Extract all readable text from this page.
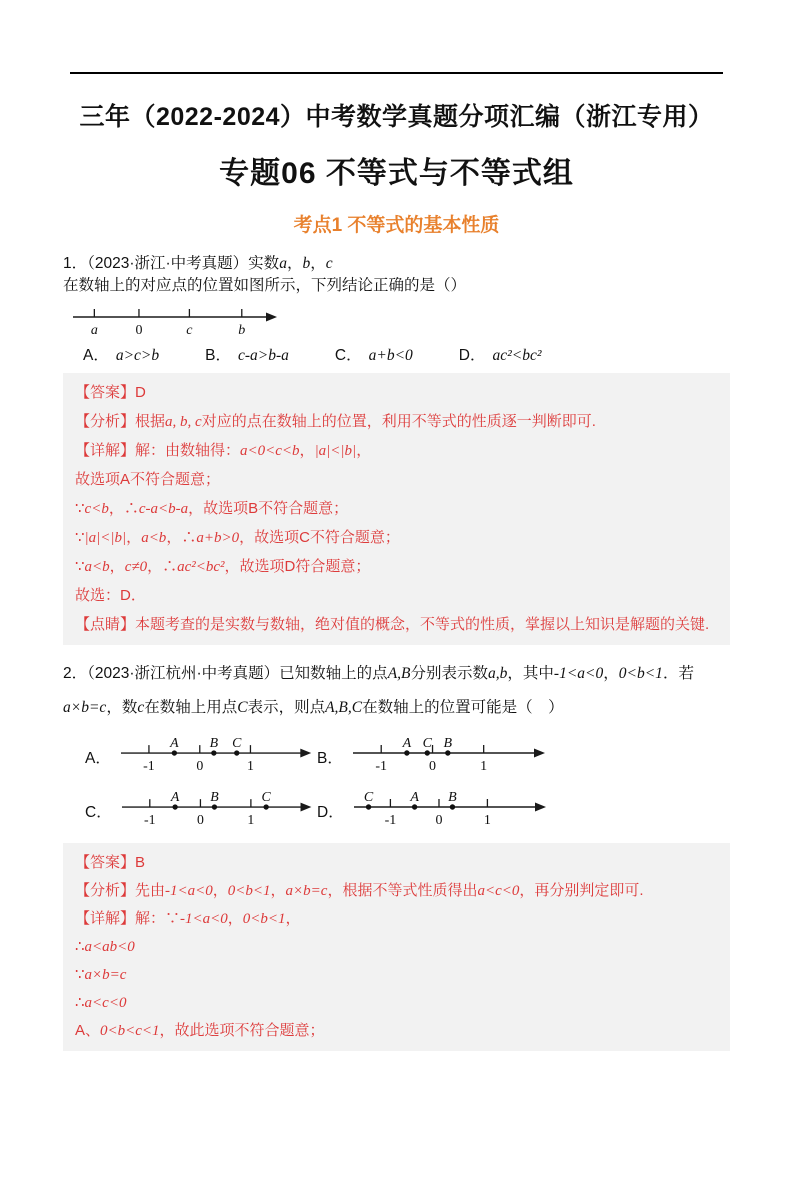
三年（2022-2024）中考数学真题分项汇编（浙江专用）
专题06 不等式与不等式组
考点1 不等式的基本性质

1．（2023·浙江·中考真题）实数a，b，c在数轴上的对应点的位置如图所示，下列结论正确的是（）

a	0	c	b
A． a>c>b	B． c-a>b-a	C． a+b<0	D． ac²<bc²

【答案】D

【分析】根据a, b, c对应的点在数轴上的位置，利用不等式的性质逐一判断即可.

【详解】解：由数轴得：a<0<c<b，|a|<|b|，

故选项A不符合题意；

∵c<b，∴c-a<b-a，故选项B不符合题意；

∵|a|<|b|，a<b，∴a+b>0，故选项C不符合题意；

∵a<b，c≠0，∴ac²<bc²，故选项D符合题意；

故选：D．

【点睛】本题考查的是实数与数轴，绝对值的概念，不等式的性质，掌握以上知识是解题的关键.

2．（2023·浙江杭州·中考真题）已知数轴上的点A,B分别表示数a,b，其中-1<a<0，0<b<1．若a×b=c，数c在数轴上用点C表示，则点A,B,C在数轴上的位置可能是（　）

A． -1	0	1
A B C
B． -1	0	1
A C B
C． -1	0	1
A B	C
D．	-1	0	1
C	A B

【答案】B

【分析】先由-1<a<0，0<b<1，a×b=c，根据不等式性质得出a<c<0，再分别判定即可.

【详解】解：∵-1<a<0，0<b<1，

∴a<ab<0

∵a×b=c

∴a<c<0

A、0<b<c<1，故此选项不符合题意；
